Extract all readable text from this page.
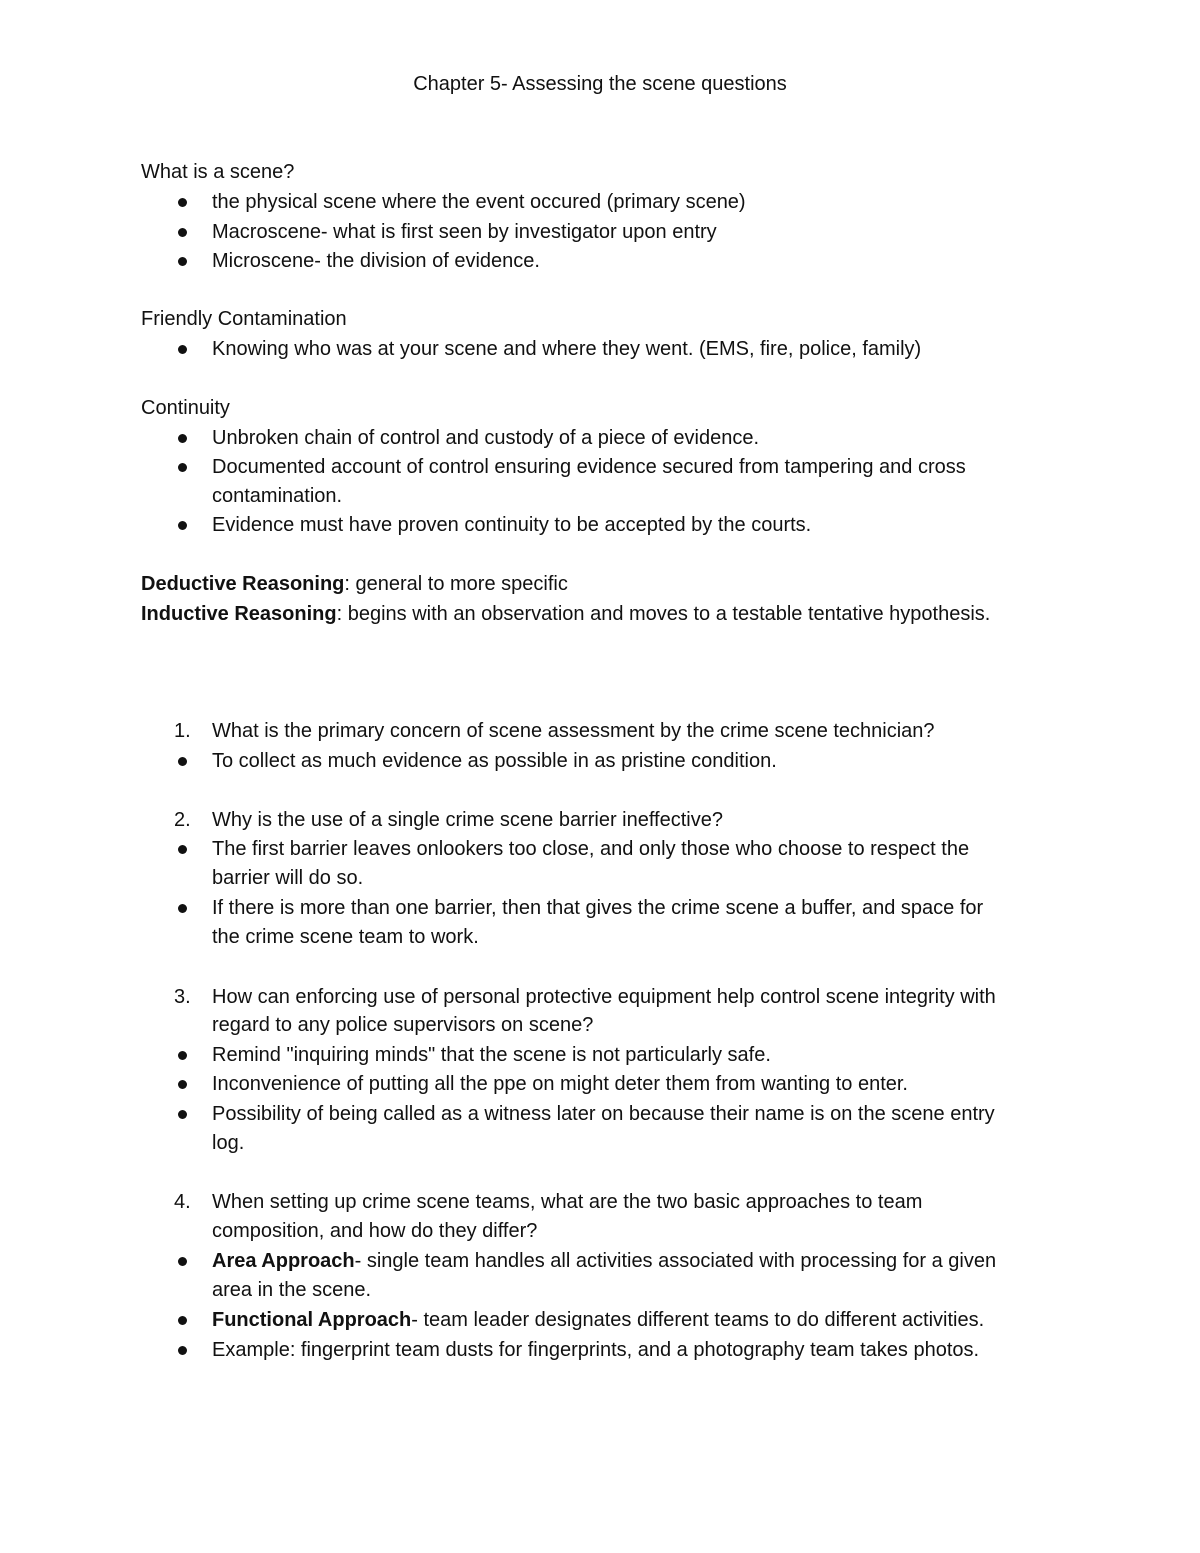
Chapter 5- Assessing the scene questions
What is a scene?
the physical scene where the event occured (primary scene)
Macroscene- what is first seen by investigator upon entry
Microscene- the division of evidence.
Friendly Contamination
Knowing who was at your scene and where they went. (EMS, fire, police, family)
Continuity
Unbroken chain of control and custody of a piece of evidence.
Documented account of control ensuring evidence secured from tampering and cross
contamination.
Evidence must have proven continuity to be accepted by the courts.
Deductive Reasoning: general to more specific
Inductive Reasoning: begins with an observation and moves to a testable tentative hypothesis.
1. What is the primary concern of scene assessment by the crime scene technician?
To collect as much evidence as possible in as pristine condition.
2. Why is the use of a single crime scene barrier ineffective?
The first barrier leaves onlookers too close, and only those who choose to respect the
barrier will do so.
If there is more than one barrier, then that gives the crime scene a buffer, and space for
the crime scene team to work.
3. How can enforcing use of personal protective equipment help control scene integrity with
regard to any police supervisors on scene?
Remind "inquiring minds" that the scene is not particularly safe.
Inconvenience of putting all the ppe on might deter them from wanting to enter.
Possibility of being called as a witness later on because their name is on the scene entry
log.
4. When setting up crime scene teams, what are the two basic approaches to team
composition, and how do they differ?
Area Approach- single team handles all activities associated with processing for a given
area in the scene.
Functional Approach- team leader designates different teams to do different activities.
Example: fingerprint team dusts for fingerprints, and a photography team takes photos.
